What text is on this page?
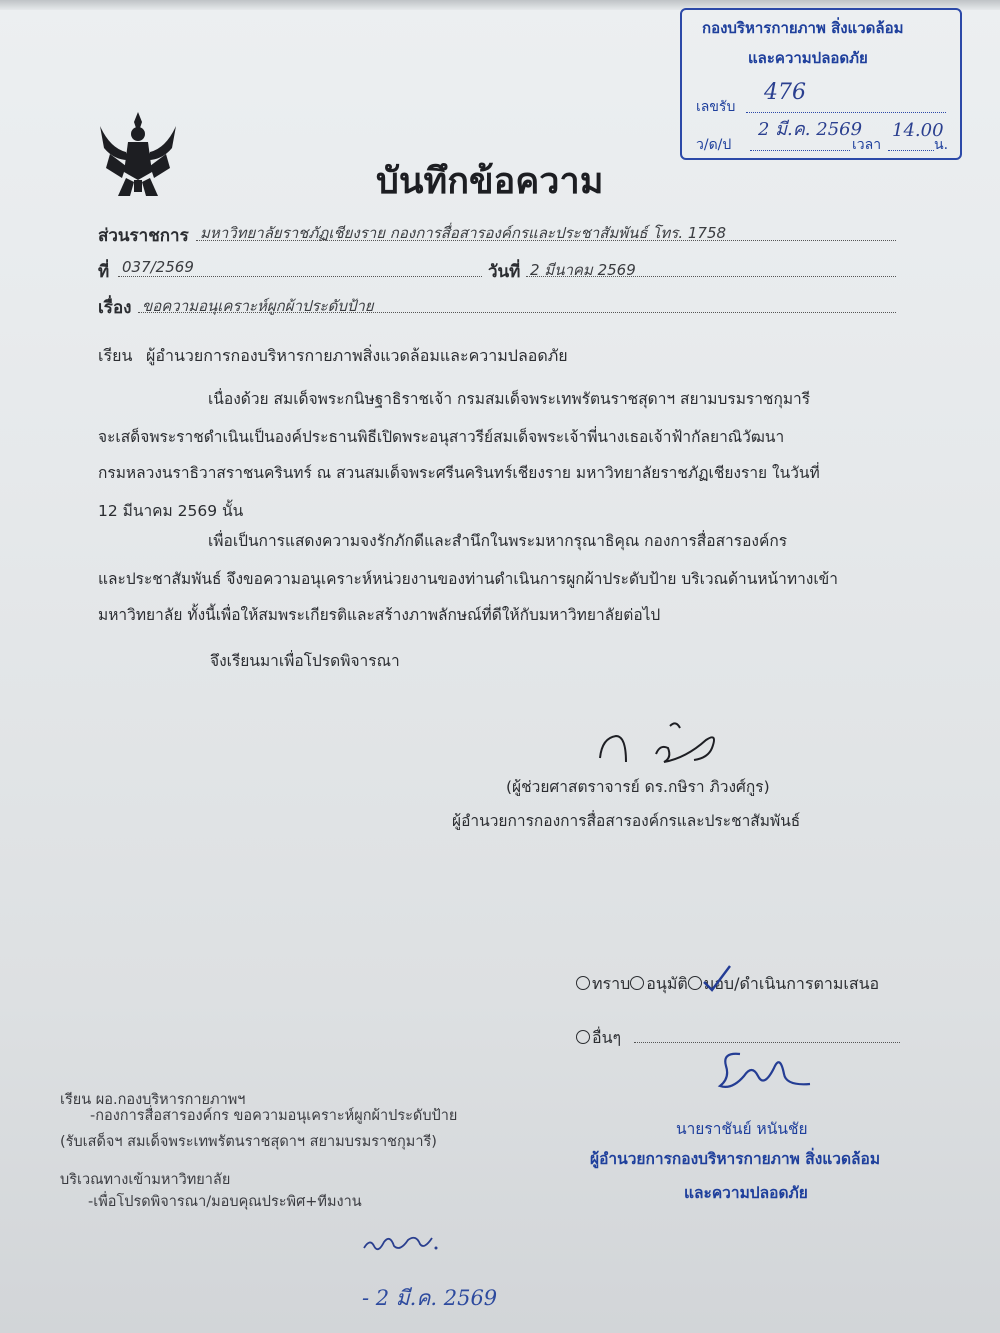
กองบริหารกายภาพ สิ่งแวดล้อม
และความปลอดภัย
เลขรับ
476
ว/ด/ป
2 มี.ค. 2569
เวลา
14.00
น.
บันทึกข้อความ
ส่วนราชการ มหาวิทยาลัยราชภัฏเชียงราย กองการสื่อสารองค์กรและประชาสัมพันธ์ โทร. 1758
ที่ 037/2569	วันที่ 2 มีนาคม 2569
เรื่อง ขอความอนุเคราะห์ผูกผ้าประดับป้าย
เรียน ผู้อำนวยการกองบริหารกายภาพสิ่งแวดล้อมและความปลอดภัย
เนื่องด้วย สมเด็จพระกนิษฐาธิราชเจ้า กรมสมเด็จพระเทพรัตนราชสุดาฯ สยามบรมราชกุมารี
จะเสด็จพระราชดำเนินเป็นองค์ประธานพิธีเปิดพระอนุสาวรีย์สมเด็จพระเจ้าพี่นางเธอเจ้าฟ้ากัลยาณิวัฒนา
กรมหลวงนราธิวาสราชนครินทร์ ณ สวนสมเด็จพระศรีนครินทร์เชียงราย มหาวิทยาลัยราชภัฏเชียงราย ในวันที่
12 มีนาคม 2569 นั้น
เพื่อเป็นการแสดงความจงรักภักดีและสำนึกในพระมหากรุณาธิคุณ กองการสื่อสารองค์กร
และประชาสัมพันธ์ จึงขอความอนุเคราะห์หน่วยงานของท่านดำเนินการผูกผ้าประดับป้าย บริเวณด้านหน้าทางเข้า
มหาวิทยาลัย ทั้งนี้เพื่อให้สมพระเกียรติและสร้างภาพลักษณ์ที่ดีให้กับมหาวิทยาลัยต่อไป
จึงเรียนมาเพื่อโปรดพิจารณา
(ผู้ช่วยศาสตราจารย์ ดร.กษิรา ภิวงศ์กูร)
ผู้อำนวยการกองการสื่อสารองค์กรและประชาสัมพันธ์
ทราบ อนุมัติ มอบ/ดำเนินการตามเสนอ
อื่นๆ
นายราชันย์ หนันชัย
ผู้อำนวยการกองบริหารกายภาพ สิ่งแวดล้อม
และความปลอดภัย
เรียน ผอ.กองบริหารกายภาพฯ
-กองการสื่อสารองค์กร ขอความอนุเคราะห์ผูกผ้าประดับป้าย
(รับเสด็จฯ สมเด็จพระเทพรัตนราชสุดาฯ สยามบรมราชกุมารี)
บริเวณทางเข้ามหาวิทยาลัย
-เพื่อโปรดพิจารณา/มอบคุณประพิศ+ทีมงาน
- 2 มี.ค. 2569
